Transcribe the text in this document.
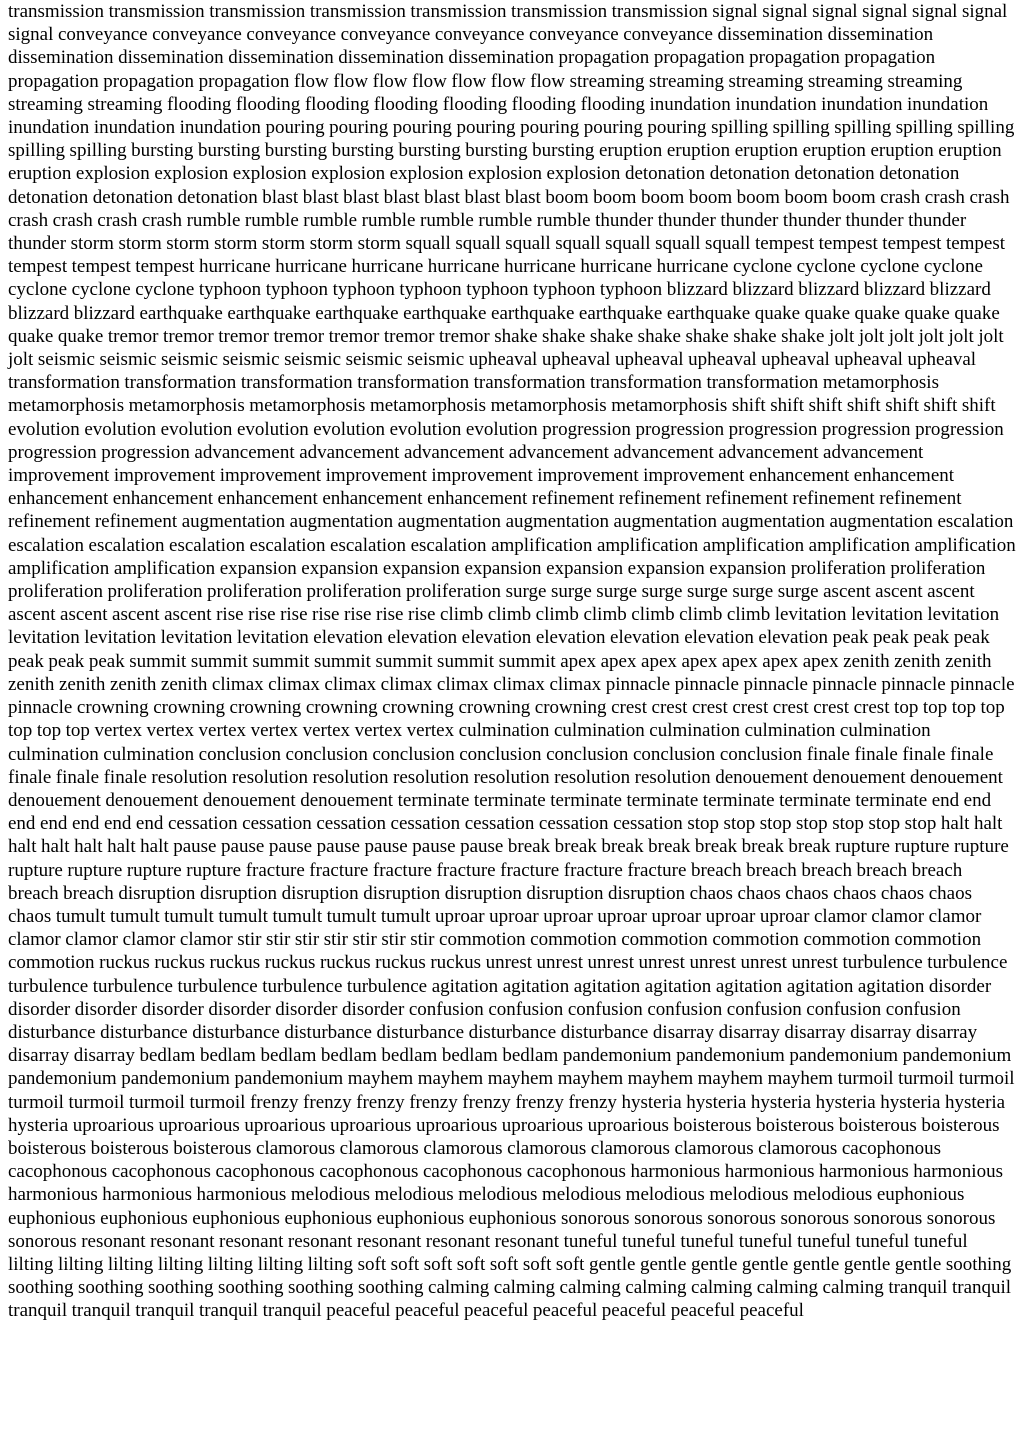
transmission transmission transmission transmission transmission transmission transmission signal signal signal signal signal signal signal conveyance conveyance conveyance conveyance conveyance conveyance conveyance dissemination dissemination dissemination dissemination dissemination dissemination dissemination propagation propagation propagation propagation propagation propagation propagation flow flow flow flow flow flow flow streaming streaming streaming streaming streaming streaming streaming flooding flooding flooding flooding flooding flooding flooding inundation inundation inundation inundation inundation inundation inundation pouring pouring pouring pouring pouring pouring pouring spilling spilling spilling spilling spilling spilling spilling bursting bursting bursting bursting bursting bursting bursting eruption eruption eruption eruption eruption eruption eruption explosion explosion explosion explosion explosion explosion explosion detonation detonation detonation detonation detonation detonation detonation blast blast blast blast blast blast blast boom boom boom boom boom boom boom crash crash crash crash crash crash crash rumble rumble rumble rumble rumble rumble rumble thunder thunder thunder thunder thunder thunder thunder storm storm storm storm storm storm storm squall squall squall squall squall squall squall tempest tempest tempest tempest tempest tempest tempest hurricane hurricane hurricane hurricane hurricane hurricane hurricane cyclone cyclone cyclone cyclone cyclone cyclone cyclone typhoon typhoon typhoon typhoon typhoon typhoon typhoon blizzard blizzard blizzard blizzard blizzard blizzard blizzard earthquake earthquake earthquake earthquake earthquake earthquake earthquake quake quake quake quake quake quake quake tremor tremor tremor tremor tremor tremor tremor shake shake shake shake shake shake shake jolt jolt jolt jolt jolt jolt jolt seismic seismic seismic seismic seismic seismic seismic upheaval upheaval upheaval upheaval upheaval upheaval upheaval transformation transformation transformation transformation transformation transformation transformation metamorphosis metamorphosis metamorphosis metamorphosis metamorphosis metamorphosis metamorphosis shift shift shift shift shift shift shift evolution evolution evolution evolution evolution evolution evolution progression progression progression progression progression progression progression advancement advancement advancement advancement advancement advancement advancement improvement improvement improvement improvement improvement improvement improvement enhancement enhancement enhancement enhancement enhancement enhancement enhancement refinement refinement refinement refinement refinement refinement refinement augmentation augmentation augmentation augmentation augmentation augmentation augmentation escalation escalation escalation escalation escalation escalation escalation amplification amplification amplification amplification amplification amplification amplification expansion expansion expansion expansion expansion expansion expansion proliferation proliferation proliferation proliferation proliferation proliferation proliferation surge surge surge surge surge surge surge ascent ascent ascent ascent ascent ascent ascent rise rise rise rise rise rise rise climb climb climb climb climb climb climb levitation levitation levitation levitation levitation levitation levitation elevation elevation elevation elevation elevation elevation elevation peak peak peak peak peak peak peak summit summit summit summit summit summit summit apex apex apex apex apex apex apex zenith zenith zenith zenith zenith zenith zenith climax climax climax climax climax climax climax pinnacle pinnacle pinnacle pinnacle pinnacle pinnacle pinnacle crowning crowning crowning crowning crowning crowning crowning crest crest crest crest crest crest crest top top top top top top top vertex vertex vertex vertex vertex vertex vertex culmination culmination culmination culmination culmination culmination culmination conclusion conclusion conclusion conclusion conclusion conclusion conclusion finale finale finale finale finale finale finale resolution resolution resolution resolution resolution resolution resolution denouement denouement denouement denouement denouement denouement denouement terminate terminate terminate terminate terminate terminate terminate end end end end end end end cessation cessation cessation cessation cessation cessation cessation stop stop stop stop stop stop stop halt halt halt halt halt halt halt pause pause pause pause pause pause pause break break break break break break break rupture rupture rupture rupture rupture rupture rupture fracture fracture fracture fracture fracture fracture fracture breach breach breach breach breach breach breach disruption disruption disruption disruption disruption disruption disruption chaos chaos chaos chaos chaos chaos chaos tumult tumult tumult tumult tumult tumult tumult uproar uproar uproar uproar uproar uproar uproar clamor clamor clamor clamor clamor clamor clamor stir stir stir stir stir stir stir commotion commotion commotion commotion commotion commotion commotion ruckus ruckus ruckus ruckus ruckus ruckus ruckus unrest unrest unrest unrest unrest unrest unrest turbulence turbulence turbulence turbulence turbulence turbulence turbulence agitation agitation agitation agitation agitation agitation agitation disorder disorder disorder disorder disorder disorder disorder confusion confusion confusion confusion confusion confusion confusion disturbance disturbance disturbance disturbance disturbance disturbance disturbance disarray disarray disarray disarray disarray disarray disarray bedlam bedlam bedlam bedlam bedlam bedlam bedlam pandemonium pandemonium pandemonium pandemonium pandemonium pandemonium pandemonium mayhem mayhem mayhem mayhem mayhem mayhem mayhem turmoil turmoil turmoil turmoil turmoil turmoil turmoil frenzy frenzy frenzy frenzy frenzy frenzy frenzy hysteria hysteria hysteria hysteria hysteria hysteria hysteria uproarious uproarious uproarious uproarious uproarious uproarious uproarious boisterous boisterous boisterous boisterous boisterous boisterous boisterous clamorous clamorous clamorous clamorous clamorous clamorous clamorous cacophonous cacophonous cacophonous cacophonous cacophonous cacophonous cacophonous harmonious harmonious harmonious harmonious harmonious harmonious harmonious melodious melodious melodious melodious melodious melodious melodious euphonious euphonious euphonious euphonious euphonious euphonious euphonious sonorous sonorous sonorous sonorous sonorous sonorous sonorous resonant resonant resonant resonant resonant resonant resonant tuneful tuneful tuneful tuneful tuneful tuneful tuneful lilting lilting lilting lilting lilting lilting lilting soft soft soft soft soft soft soft gentle gentle gentle gentle gentle gentle gentle soothing soothing soothing soothing soothing soothing soothing calming calming calming calming calming calming calming tranquil tranquil tranquil tranquil tranquil tranquil tranquil peaceful peaceful peaceful peaceful peaceful peaceful peaceful
